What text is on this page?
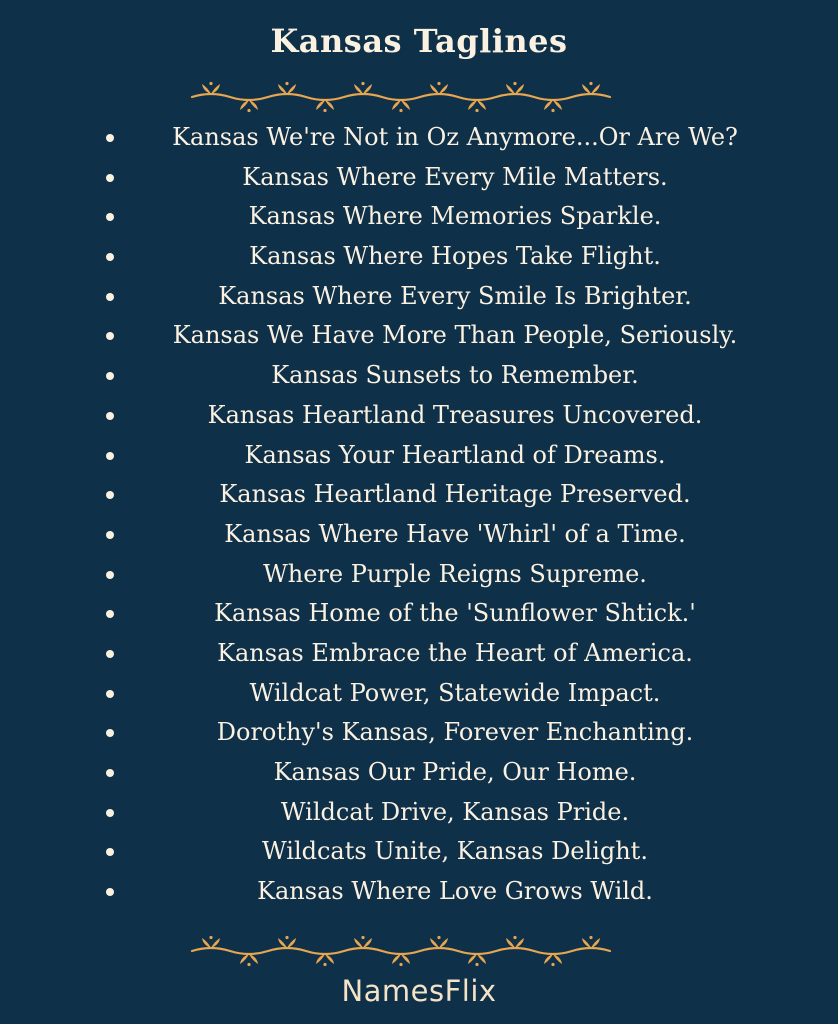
Kansas Taglines
Kansas We're Not in Oz Anymore...Or Are We?
Kansas Where Every Mile Matters.
Kansas Where Memories Sparkle.
Kansas Where Hopes Take Flight.
Kansas Where Every Smile Is Brighter.
Kansas We Have More Than People, Seriously.
Kansas Sunsets to Remember.
Kansas Heartland Treasures Uncovered.
Kansas Your Heartland of Dreams.
Kansas Heartland Heritage Preserved.
Kansas Where Have 'Whirl' of a Time.
Where Purple Reigns Supreme.
Kansas Home of the 'Sunflower Shtick.'
Kansas Embrace the Heart of America.
Wildcat Power, Statewide Impact.
Dorothy's Kansas, Forever Enchanting.
Kansas Our Pride, Our Home.
Wildcat Drive, Kansas Pride.
Wildcats Unite, Kansas Delight.
Kansas Where Love Grows Wild.
NamesFlix
